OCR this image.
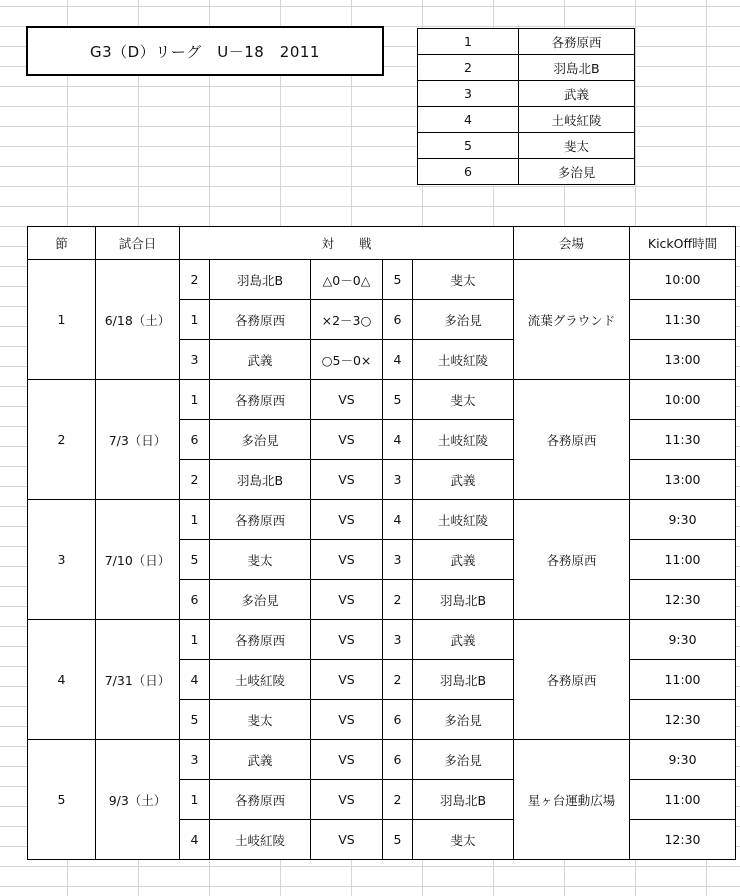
G3（D）リーグ　U－18　2011
1	各務原西
2	羽島北B
3	武義
4	土岐紅陵
5	斐太
6	多治見
節	試合日	対　　戦					会場	KickOff時間
1	6/18（土）	2	羽島北B	△0－0△	5	斐太	流葉グラウンド	10:00
		1	各務原西	×2－3○	6	多治見		11:30
		3	武義	○5－0×	4	土岐紅陵		13:00
2	7/3（日）	1	各務原西	VS	5	斐太	各務原西	10:00
		6	多治見	VS	4	土岐紅陵		11:30
		2	羽島北B	VS	3	武義		13:00
3	7/10（日）	1	各務原西	VS	4	土岐紅陵	各務原西	9:30
		5	斐太	VS	3	武義		11:00
		6	多治見	VS	2	羽島北B		12:30
4	7/31（日）	1	各務原西	VS	3	武義	各務原西	9:30
		4	土岐紅陵	VS	2	羽島北B		11:00
		5	斐太	VS	6	多治見		12:30
5	9/3（土）	3	武義	VS	6	多治見	星ヶ台運動広場	9:30
		1	各務原西	VS	2	羽島北B		11:00
		4	土岐紅陵	VS	5	斐太		12:30
